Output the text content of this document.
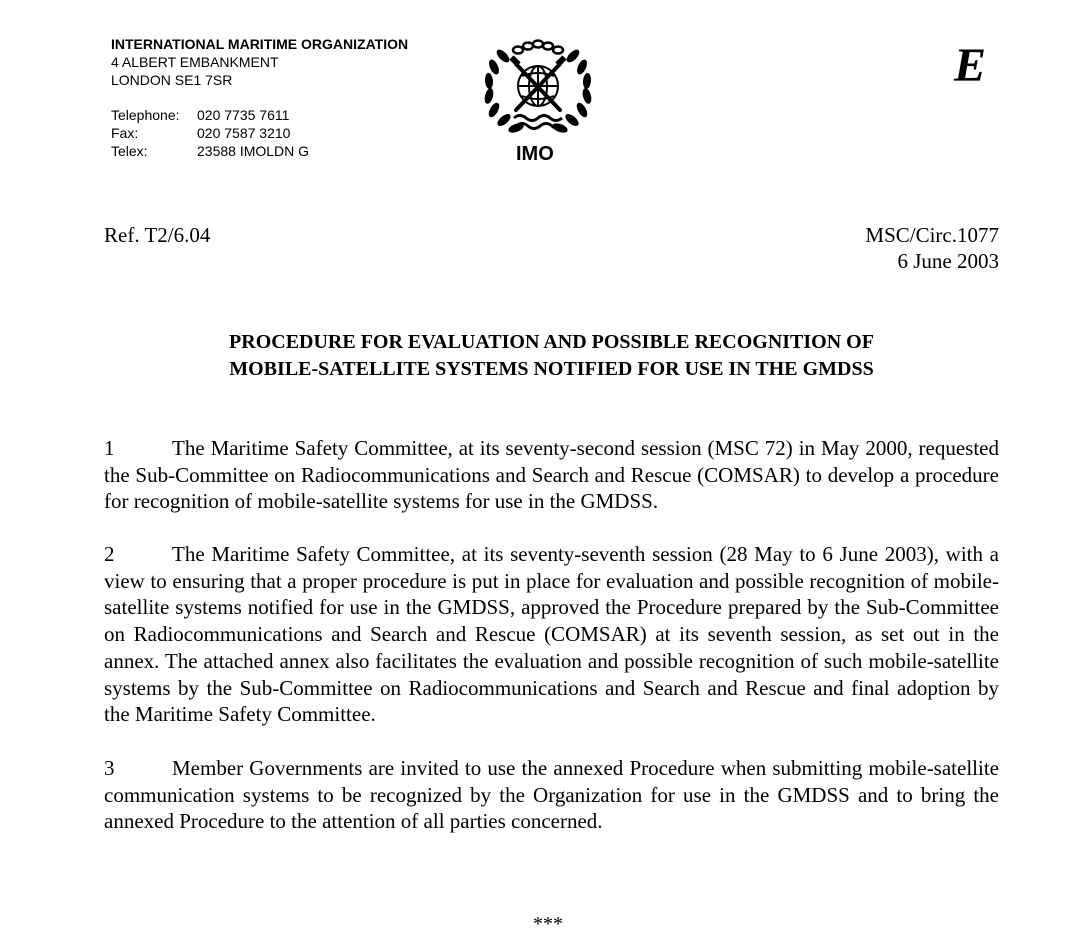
INTERNATIONAL MARITIME ORGANIZATION
4 ALBERT EMBANKMENT
LONDON SE1 7SR
Telephone:	020 7735 7611
Fax:	020 7587 3210
Telex:	23588 IMOLDN G	IMO
E
Ref. T2/6.04	MSC/Circ.1077
6 June 2003
PROCEDURE FOR EVALUATION AND POSSIBLE RECOGNITION OF
MOBILE-SATELLITE SYSTEMS NOTIFIED FOR USE IN THE GMDSS
1	The Maritime Safety Committee, at its seventy-second session (MSC 72) in May 2000, requested the Sub-Committee on Radiocommunications and Search and Rescue (COMSAR) to develop a procedure for recognition of mobile-satellite systems for use in the GMDSS.
2	The Maritime Safety Committee, at its seventy-seventh session (28 May to 6 June 2003), with a view to ensuring that a proper procedure is put in place for evaluation and possible recognition of mobile-satellite systems notified for use in the GMDSS, approved the Procedure prepared by the Sub-Committee on Radiocommunications and Search and Rescue (COMSAR) at its seventh session, as set out in the annex. The attached annex also facilitates the evaluation and possible recognition of such mobile-satellite systems by the Sub-Committee on Radiocommunications and Search and Rescue and final adoption by the Maritime Safety Committee.
3	Member Governments are invited to use the annexed Procedure when submitting mobile-satellite communication systems to be recognized by the Organization for use in the GMDSS and to bring the annexed Procedure to the attention of all parties concerned.
***
